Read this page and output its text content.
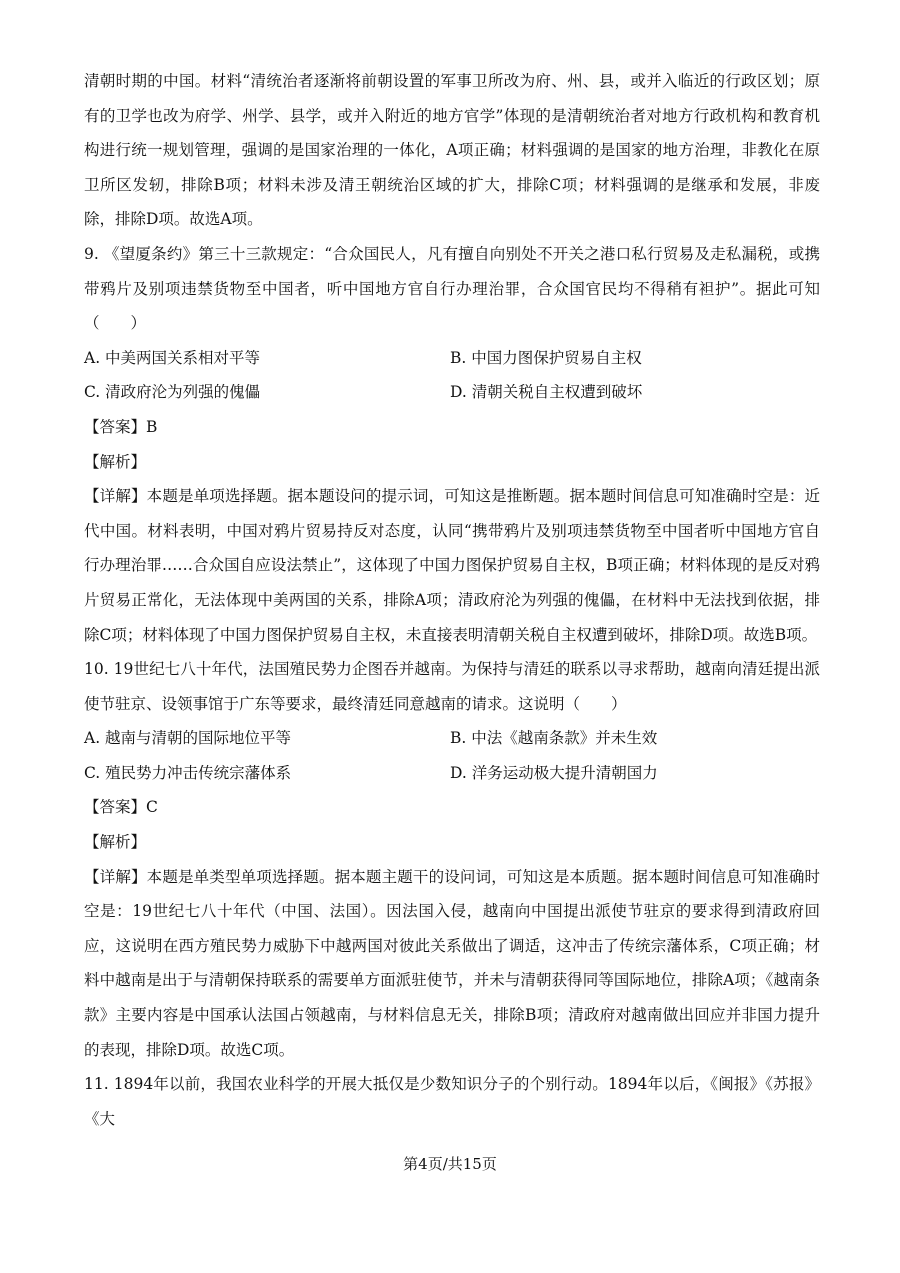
清朝时期的中国。材料“清统治者逐渐将前朝设置的军事卫所改为府、州、县，或并入临近的行政区划；原有的卫学也改为府学、州学、县学，或并入附近的地方官学”体现的是清朝统治者对地方行政机构和教育机构进行统一规划管理，强调的是国家治理的一体化，A项正确；材料强调的是国家的地方治理，非教化在原卫所区发轫，排除B项；材料未涉及清王朝统治区域的扩大，排除C项；材料强调的是继承和发展，非废除，排除D项。故选A项。

9. 《望厦条约》第三十三款规定：“合众国民人，凡有擅自向别处不开关之港口私行贸易及走私漏税，或携带鸦片及别项违禁货物至中国者，听中国地方官自行办理治罪，合众国官民均不得稍有袒护”。据此可知（　　）

A. 中美两国关系相对平等	B. 中国力图保护贸易自主权
C. 清政府沦为列强的傀儡	D. 清朝关税自主权遭到破坏
【答案】B
【解析】

【详解】本题是单项选择题。据本题设问的提示词，可知这是推断题。据本题时间信息可知准确时空是：近代中国。材料表明，中国对鸦片贸易持反对态度，认同“携带鸦片及别项违禁货物至中国者听中国地方官自行办理治罪……合众国自应设法禁止”，这体现了中国力图保护贸易自主权，B项正确；材料体现的是反对鸦片贸易正常化，无法体现中美两国的关系，排除A项；清政府沦为列强的傀儡，在材料中无法找到依据，排除C项；材料体现了中国力图保护贸易自主权，未直接表明清朝关税自主权遭到破坏，排除D项。故选B项。

10. 19世纪七八十年代，法国殖民势力企图吞并越南。为保持与清廷的联系以寻求帮助，越南向清廷提出派使节驻京、设领事馆于广东等要求，最终清廷同意越南的请求。这说明（　　）

A. 越南与清朝的国际地位平等	B. 中法《越南条款》并未生效
C. 殖民势力冲击传统宗藩体系	D. 洋务运动极大提升清朝国力
【答案】C
【解析】

【详解】本题是单类型单项选择题。据本题主题干的设问词，可知这是本质题。据本题时间信息可知准确时空是：19世纪七八十年代（中国、法国）。因法国入侵，越南向中国提出派使节驻京的要求得到清政府回应，这说明在西方殖民势力威胁下中越两国对彼此关系做出了调适，这冲击了传统宗藩体系，C项正确；材料中越南是出于与清朝保持联系的需要单方面派驻使节，并未与清朝获得同等国际地位，排除A项；《越南条款》主要内容是中国承认法国占领越南，与材料信息无关，排除B项；清政府对越南做出回应并非国力提升的表现，排除D项。故选C项。

11. 1894年以前，我国农业科学的开展大抵仅是少数知识分子的个别行动。1894年以后，《闽报》《苏报》《大

第4页/共15页
